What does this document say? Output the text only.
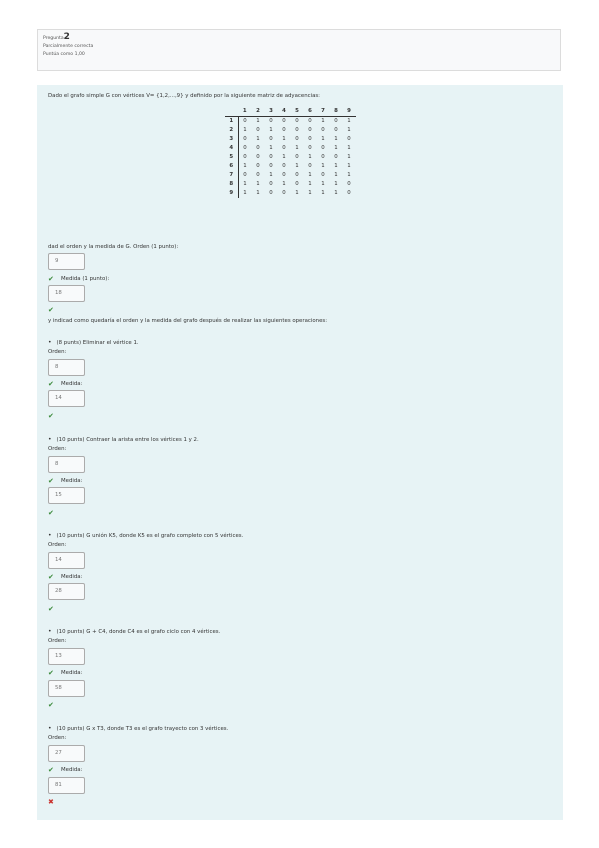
Pregunta2
Parcialmente correcta
Puntúa como 1,00
Dado el grafo simple G con vértices V= {1,2,...,9} y definido por la siguiente matriz de adyacencias:
	1	2	3	4	5	6	7	8	9
1	0	1	0	0	0	0	1	0	1
2	1	0	1	0	0	0	0	0	1
3	0	1	0	1	0	0	1	1	0
4	0	0	1	0	1	0	0	1	1
5	0	0	0	1	0	1	0	0	1
6	1	0	0	0	1	0	1	1	1
7	0	0	1	0	0	1	0	1	1
8	1	1	0	1	0	1	1	1	0
9	1	1	0	0	1	1	1	1	0
dad el orden y la medida de G. Orden (1 punto):
9
✔ Medida (1 punto):
18
✔
y indicad como quedaría el orden y la medida del grafo después de realizar las siguientes operaciones:
• (8 punts) Eliminar el vértice 1.
Orden:
8
✔ Medida:
14
✔
• (10 punts) Contraer la arista entre los vértices 1 y 2.
Orden:
8
✔ Medida:
15
✔
• (10 punts) G unión K5, donde K5 es el grafo completo con 5 vértices.
Orden:
14
✔ Medida:
28
✔
• (10 punts) G + C4, donde C4 es el grafo ciclo con 4 vértices.
Orden:
13
✔ Medida:
58
✔
• (10 punts) G x T3, donde T3 es el grafo trayecto con 3 vértices.
Orden:
27
✔ Medida:
81
✖
